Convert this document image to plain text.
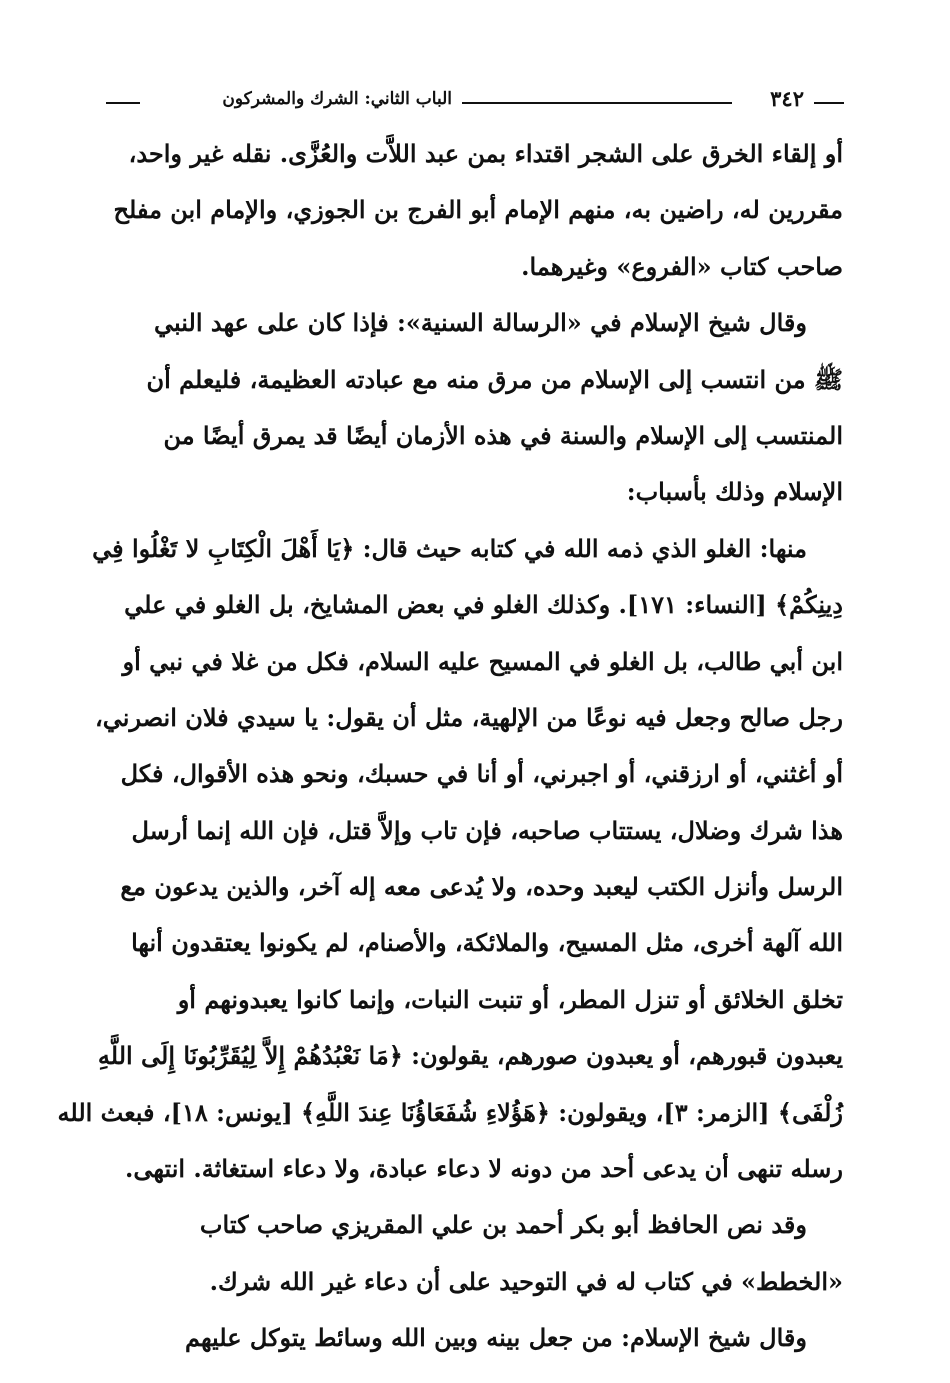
٣٤٢
الباب الثاني: الشرك والمشركون
أو إلقاء الخرق على الشجر اقتداء بمن عبد اللاَّت والعُزَّى. نقله غير واحد،
مقررين له، راضين به، منهم الإمام أبو الفرج بن الجوزي، والإمام ابن مفلح
صاحب كتاب «الفروع» وغيرهما.
وقال شيخ الإسلام في «الرسالة السنية»: فإذا كان على عهد النبي
ﷺ من انتسب إلى الإسلام من مرق منه مع عبادته العظيمة، فليعلم أن
المنتسب إلى الإسلام والسنة في هذه الأزمان أيضًا قد يمرق أيضًا من
الإسلام وذلك بأسباب:
منها: الغلو الذي ذمه الله في كتابه حيث قال: ﴿يَا أَهْلَ الْكِتَابِ لا تَغْلُوا فِي
دِينِكُمْ﴾ [النساء: ١٧١]. وكذلك الغلو في بعض المشايخ، بل الغلو في علي
ابن أبي طالب، بل الغلو في المسيح عليه السلام، فكل من غلا في نبي أو
رجل صالح وجعل فيه نوعًا من الإلهية، مثل أن يقول: يا سيدي فلان انصرني،
أو أغثني، أو ارزقني، أو اجبرني، أو أنا في حسبك، ونحو هذه الأقوال، فكل
هذا شرك وضلال، يستتاب صاحبه، فإن تاب وإلاَّ قتل، فإن الله إنما أرسل
الرسل وأنزل الكتب ليعبد وحده، ولا يُدعى معه إله آخر، والذين يدعون مع
الله آلهة أخرى، مثل المسيح، والملائكة، والأصنام، لم يكونوا يعتقدون أنها
تخلق الخلائق أو تنزل المطر، أو تنبت النبات، وإنما كانوا يعبدونهم أو
يعبدون قبورهم، أو يعبدون صورهم، يقولون: ﴿مَا نَعْبُدُهُمْ إِلاَّ لِيُقَرِّبُونَا إِلَى اللَّهِ
زُلْفَى﴾ [الزمر: ٣]، ويقولون: ﴿هَؤُلاءِ شُفَعَاؤُنَا عِندَ اللَّهِ﴾ [يونس: ١٨]، فبعث الله
رسله تنهى أن يدعى أحد من دونه لا دعاء عبادة، ولا دعاء استغاثة. انتهى.
وقد نص الحافظ أبو بكر أحمد بن علي المقريزي صاحب كتاب
«الخطط» في كتاب له في التوحيد على أن دعاء غير الله شرك.
وقال شيخ الإسلام: من جعل بينه وبين الله وسائط يتوكل عليهم
